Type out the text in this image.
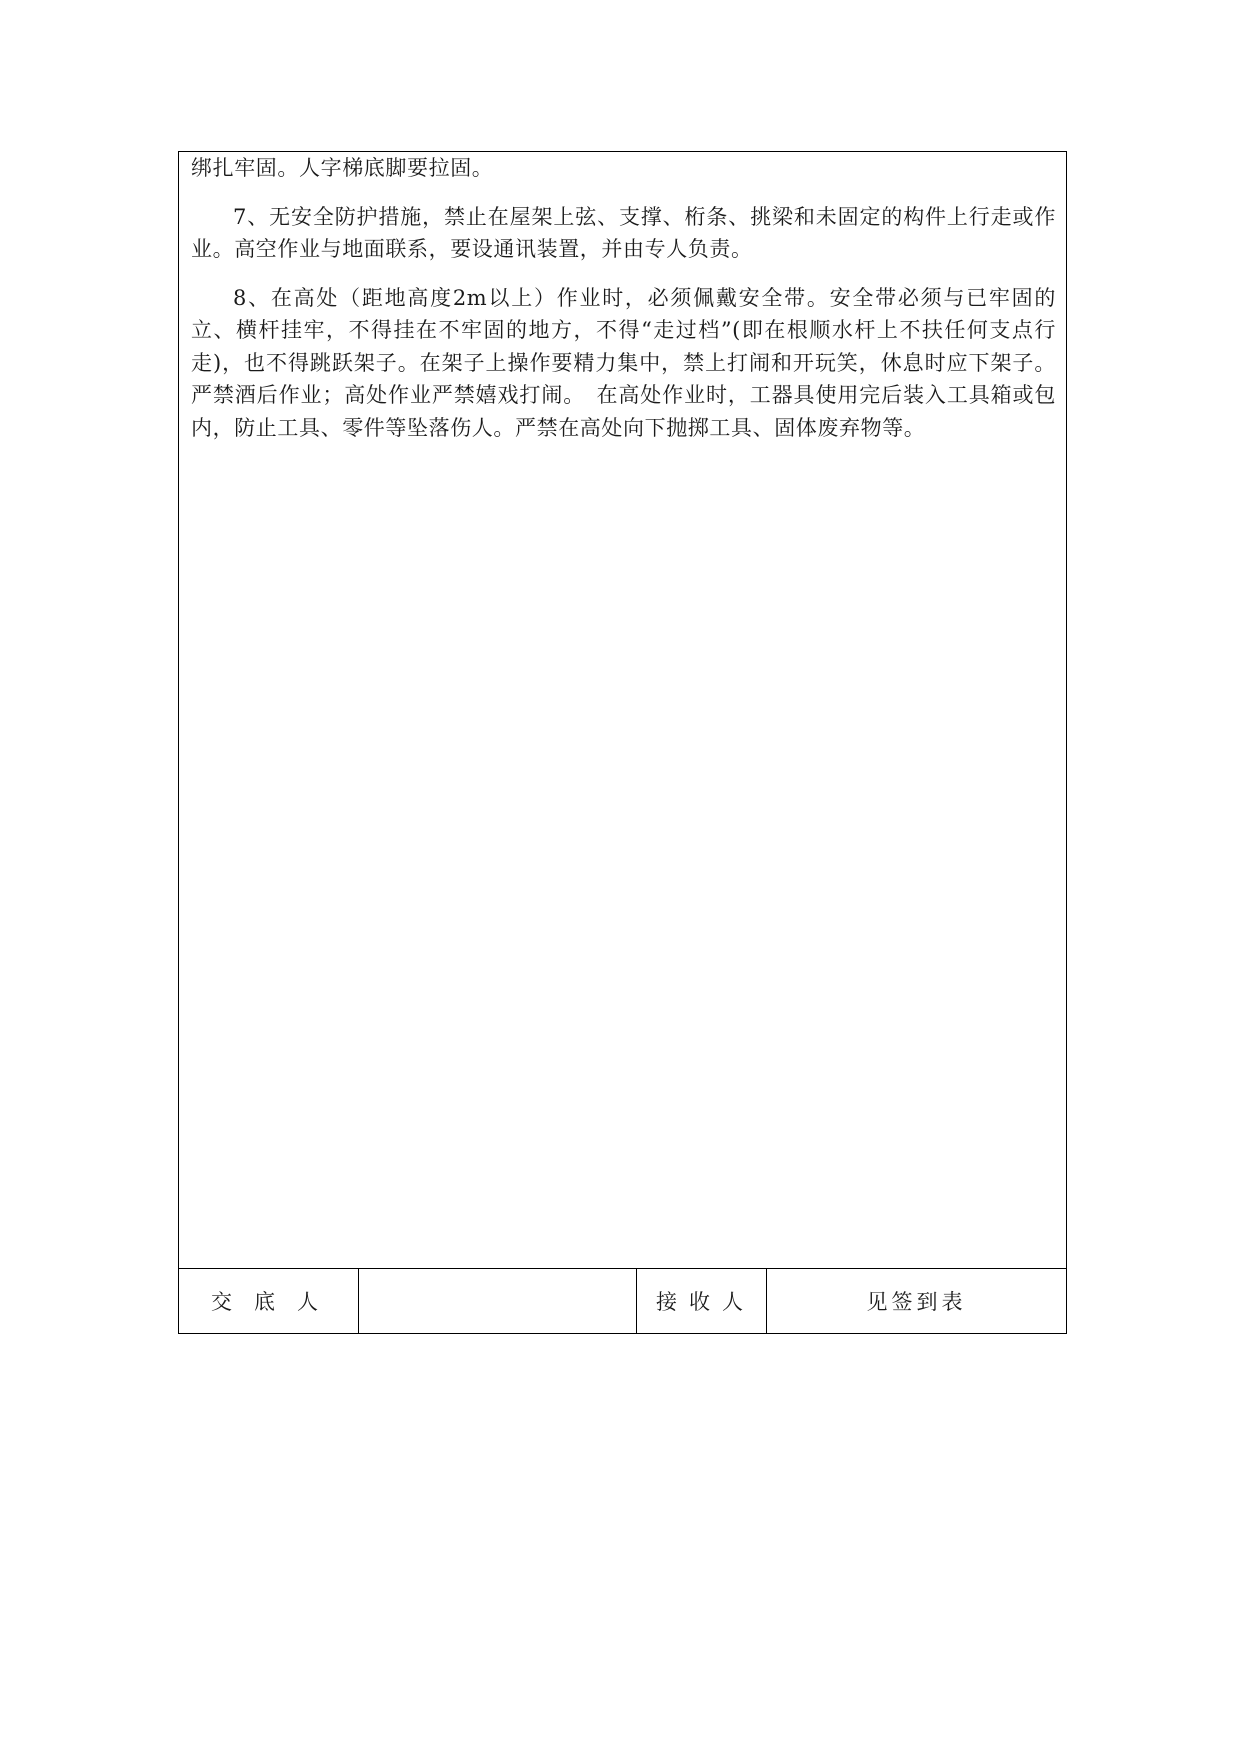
绑扎牢固。人字梯底脚要拉固。

7、无安全防护措施，禁止在屋架上弦、支撑、桁条、挑梁和未固定的构件上行走或作业。高空作业与地面联系，要设通讯装置，并由专人负责。

8、在高处（距地高度2m以上）作业时，必须佩戴安全带。安全带必须与已牢固的立、横杆挂牢，不得挂在不牢固的地方，不得“走过档”(即在根顺水杆上不扶任何支点行走)，也不得跳跃架子。在架子上操作要精力集中，禁上打闹和开玩笑，休息时应下架子。严禁酒后作业；高处作业严禁嬉戏打闹。　在高处作业时，工器具使用完后装入工具箱或包内，防止工具、零件等坠落伤人。严禁在高处向下抛掷工具、固体废弃物等。

交底人	接收人	见签到表
